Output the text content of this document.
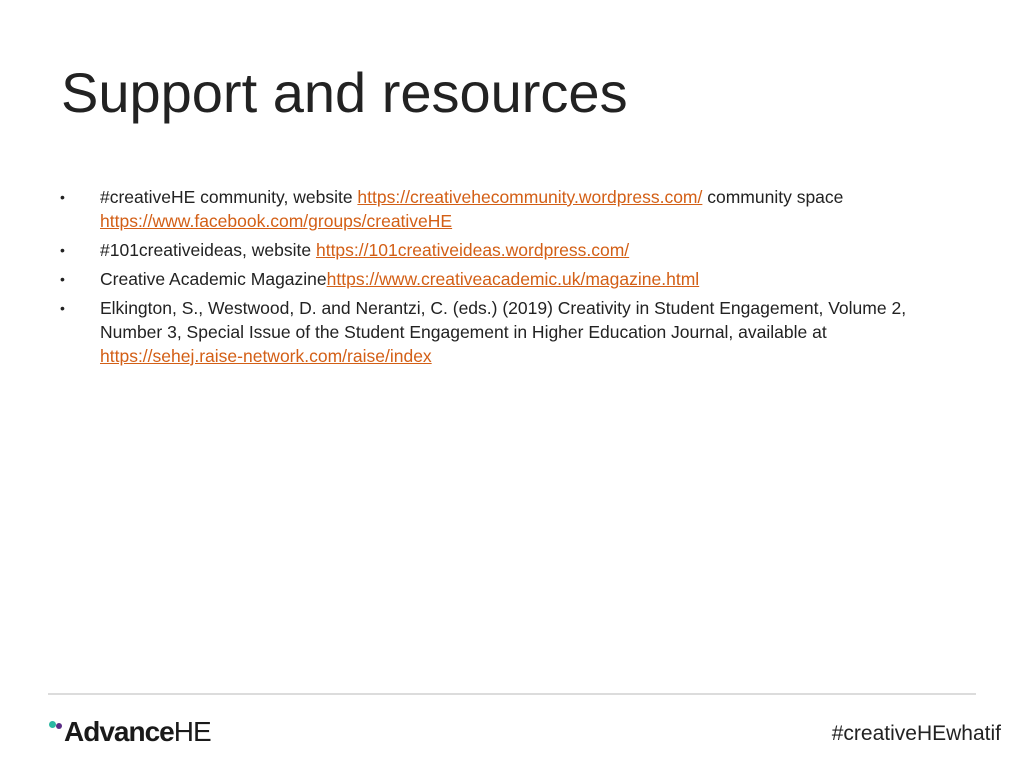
Support and resources
• #creativeHE community, website https://creativehecommunity.wordpress.com/ community space https://www.facebook.com/groups/creativeHE
• #101creativeideas, website https://101creativeideas.wordpress.com/
• Creative Academic Magazinehttps://www.creativeacademic.uk/magazine.html
• Elkington, S., Westwood, D. and Nerantzi, C. (eds.) (2019) Creativity in Student Engagement, Volume 2, Number 3, Special Issue of the Student Engagement in Higher Education Journal, available at https://sehej.raise-network.com/raise/index
Advance HE	#creativeHEwhatif
